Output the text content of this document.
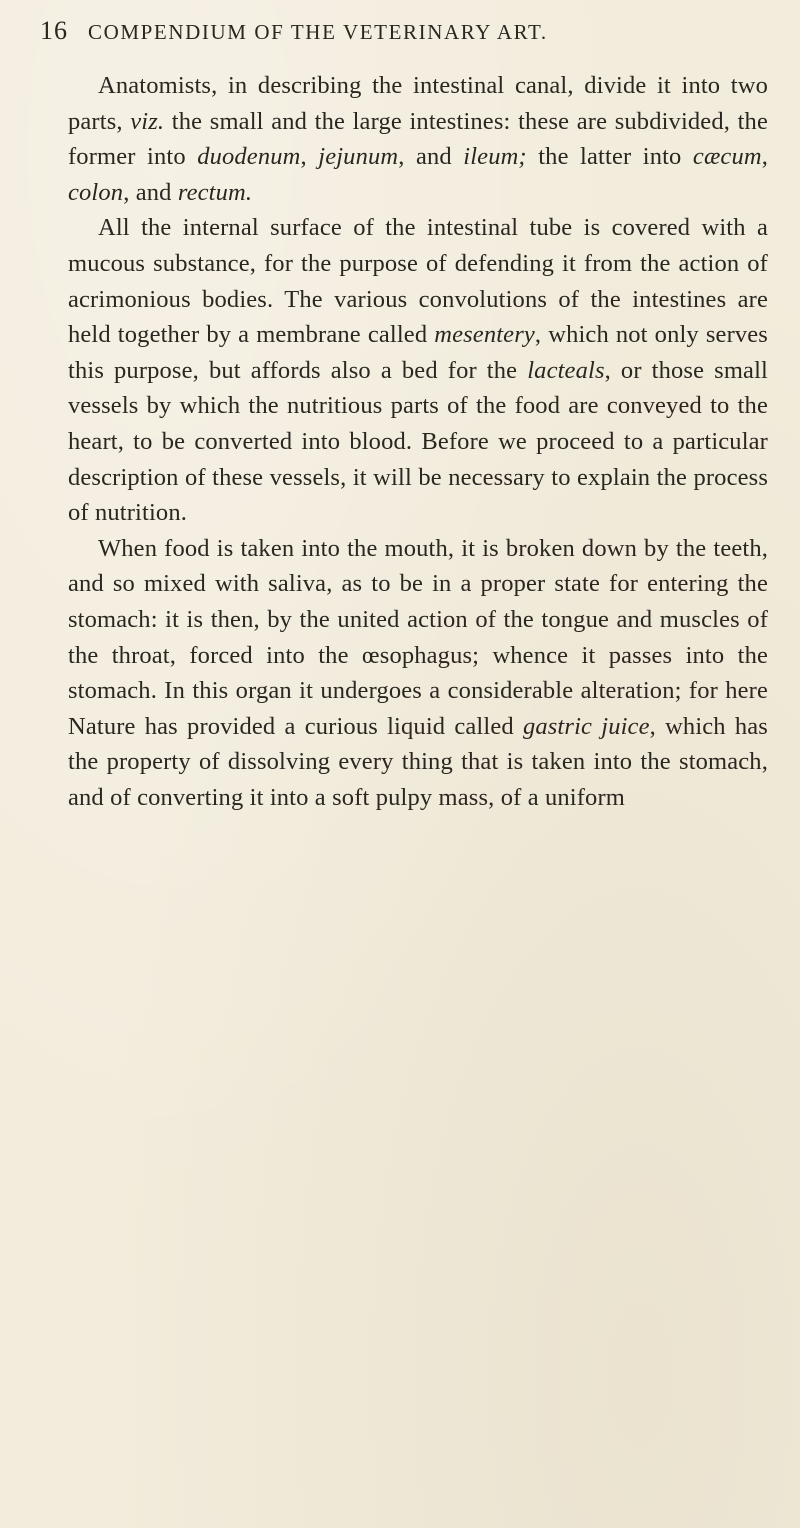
16 COMPENDIUM OF THE VETERINARY ART.

Anatomists, in describing the intestinal canal, divide it into two parts, viz. the small and the large intestines: these are subdivided, the former into duodenum, jejunum, and ileum; the latter into cæcum, colon, and rectum.

All the internal surface of the intestinal tube is covered with a mucous substance, for the purpose of defending it from the action of acrimonious bodies. The various convolutions of the intestines are held together by a membrane called mesentery, which not only serves this purpose, but affords also a bed for the lacteals, or those small vessels by which the nutritious parts of the food are conveyed to the heart, to be converted into blood. Before we proceed to a particular description of these vessels, it will be necessary to explain the process of nutrition.

When food is taken into the mouth, it is broken down by the teeth, and so mixed with saliva, as to be in a proper state for entering the stomach: it is then, by the united action of the tongue and muscles of the throat, forced into the œsophagus; whence it passes into the stomach. In this organ it undergoes a considerable alteration; for here Nature has provided a curious liquid called gastric juice, which has the property of dissolving every thing that is taken into the stomach, and of converting it into a soft pulpy mass, of a uniform
